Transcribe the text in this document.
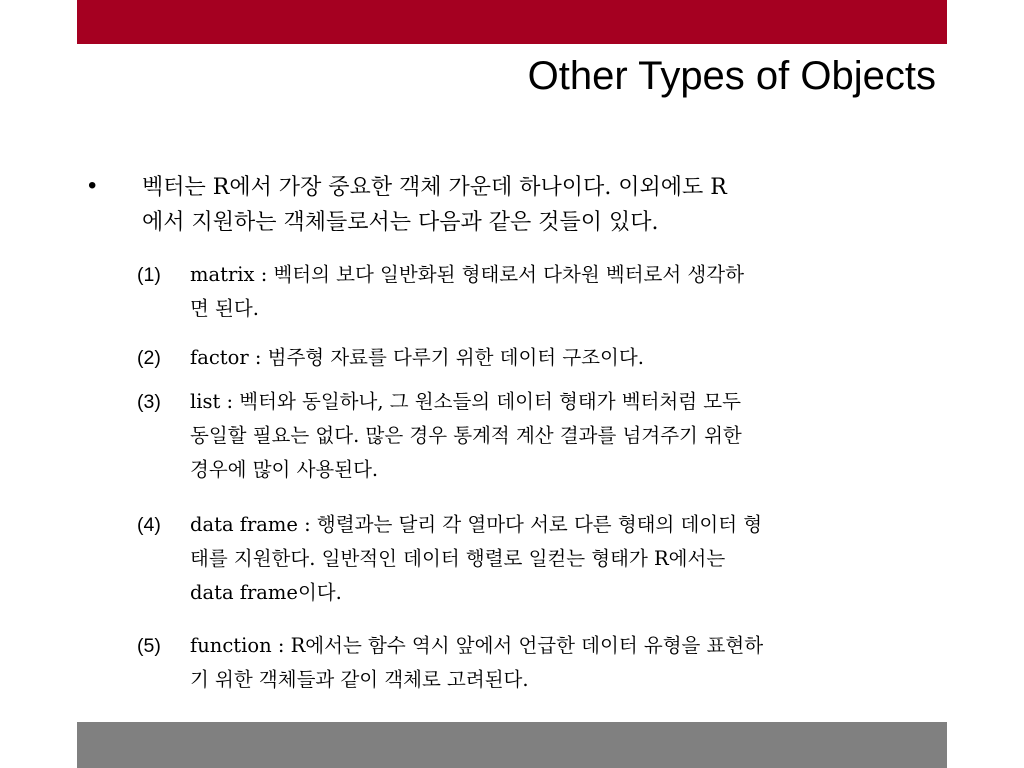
Other Types of Objects
• 벡터는 R에서 가장 중요한 객체 가운데 하나이다. 이외에도 R
에서 지원하는 객체들로서는 다음과 같은 것들이 있다.
(1) matrix : 벡터의 보다 일반화된 형태로서 다차원 벡터로서 생각하
면 된다.
(2) factor : 범주형 자료를 다루기 위한 데이터 구조이다.
(3) list : 벡터와 동일하나, 그 원소들의 데이터 형태가 벡터처럼 모두
동일할 필요는 없다. 많은 경우 통계적 계산 결과를 넘겨주기 위한
경우에 많이 사용된다.
(4) data frame : 행렬과는 달리 각 열마다 서로 다른 형태의 데이터 형
태를 지원한다. 일반적인 데이터 행렬로 일컫는 형태가 R에서는
data frame이다.
(5) function : R에서는 함수 역시 앞에서 언급한 데이터 유형을 표현하
기 위한 객체들과 같이 객체로 고려된다.
